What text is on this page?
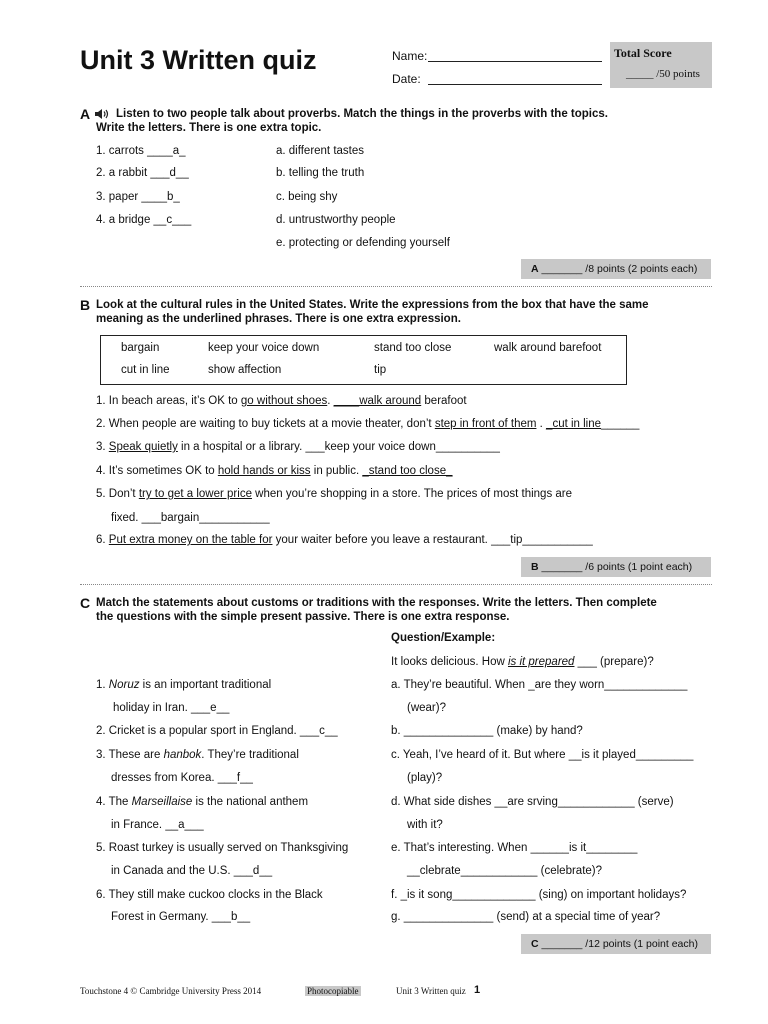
Unit 3 Written quiz	Name:
Date:
Total Score
_____ /50 points
A Listen to two people talk about proverbs. Match the things in the proverbs with the topics.
Write the letters. There is one extra topic.
1. carrots ____a_
2. a rabbit ___d__
3. paper ____b_
4. a bridge __c___
a. different tastes
b. telling the truth
c. being shy
d. untrustworthy people
e. protecting or defending yourself
A _______ /8 points (2 points each)
B Look at the cultural rules in the United States. Write the expressions from the box that have the same
meaning as the underlined phrases. There is one extra expression.
bargain	keep your voice down	stand too close	walk around barefoot
cut in line	show affection	tip
1. In beach areas, it’s OK to go without shoes. ____walk around berafoot
2. When people are waiting to buy tickets at a movie theater, don’t step in front of them . _cut in line______
3. Speak quietly in a hospital or a library. ___keep your voice down__________
4. It’s sometimes OK to hold hands or kiss in public. _stand too close_
5. Don’t try to get a lower price when you’re shopping in a store. The prices of most things are
fixed. ___bargain___________
6. Put extra money on the table for your waiter before you leave a restaurant. ___tip___________
B _______ /6 points (1 point each)
C Match the statements about customs or traditions with the responses. Write the letters. Then complete
the questions with the simple present passive. There is one extra response.
Question/Example:
It looks delicious. How is it prepared ___ (prepare)?
1. Noruz is an important traditional
holiday in Iran. ___e__
2. Cricket is a popular sport in England. ___c__
3. These are hanbok. They’re traditional
dresses from Korea. ___f__
4. The Marseillaise is the national anthem
in France. __a___
5. Roast turkey is usually served on Thanksgiving
in Canada and the U.S. ___d__
6. They still make cuckoo clocks in the Black
Forest in Germany. ___b__
a. They’re beautiful. When _are they worn_____________
(wear)?
b. ______________ (make) by hand?
c. Yeah, I’ve heard of it. But where __is it played_________
(play)?
d. What side dishes __are srving____________ (serve)
with it?
e. That’s interesting. When ______is it________
__clebrate____________ (celebrate)?
f. _is it song_____________ (sing) on important holidays?
g. ______________ (send) at a special time of year?
C _______ /12 points (1 point each)
Touchstone 4 © Cambridge University Press 2014	Photocopiable	Unit 3 Written quiz 1
